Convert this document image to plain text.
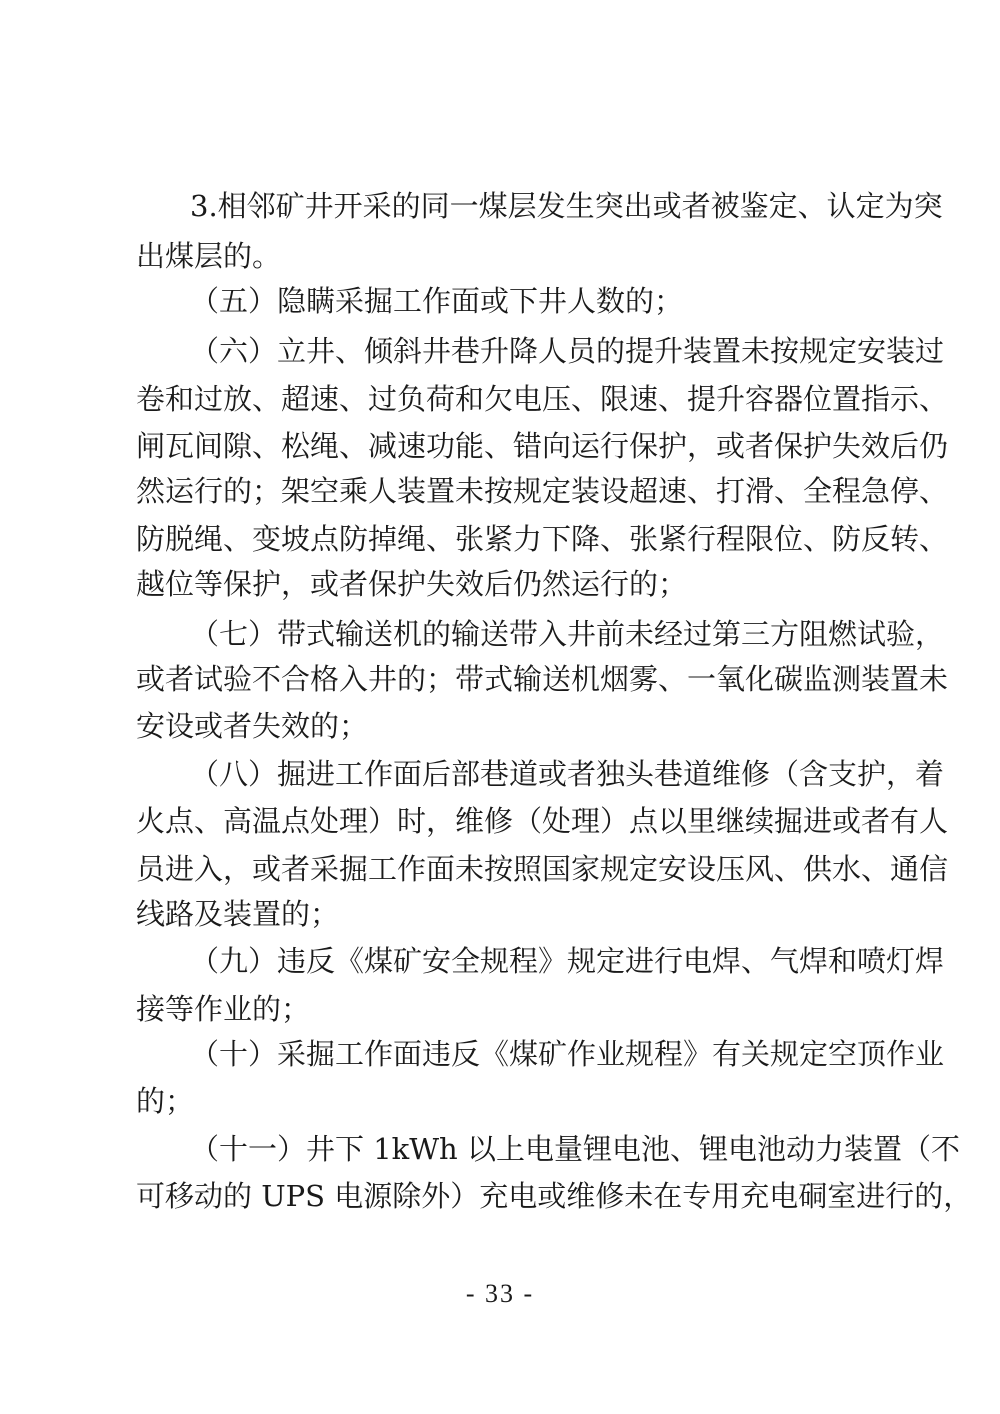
3.相邻矿井开采的同一煤层发生突出或者被鉴定、认定为突
出煤层的。
（五）隐瞒采掘工作面或下井人数的；
（六）立井、倾斜井巷升降人员的提升装置未按规定安装过
卷和过放、超速、过负荷和欠电压、限速、提升容器位置指示、
闸瓦间隙、松绳、减速功能、错向运行保护，或者保护失效后仍
然运行的；架空乘人装置未按规定装设超速、打滑、全程急停、
防脱绳、变坡点防掉绳、张紧力下降、张紧行程限位、防反转、
越位等保护，或者保护失效后仍然运行的；
（七）带式输送机的输送带入井前未经过第三方阻燃试验，
或者试验不合格入井的；带式输送机烟雾、一氧化碳监测装置未
安设或者失效的；
（八）掘进工作面后部巷道或者独头巷道维修（含支护，着
火点、高温点处理）时，维修（处理）点以里继续掘进或者有人
员进入，或者采掘工作面未按照国家规定安设压风、供水、通信
线路及装置的；
（九）违反《煤矿安全规程》规定进行电焊、气焊和喷灯焊
接等作业的；
（十）采掘工作面违反《煤矿作业规程》有关规定空顶作业
的；
（十一）井下 1kWh 以上电量锂电池、锂电池动力装置（不
可移动的 UPS 电源除外）充电或维修未在专用充电硐室进行的，
- 33 -
